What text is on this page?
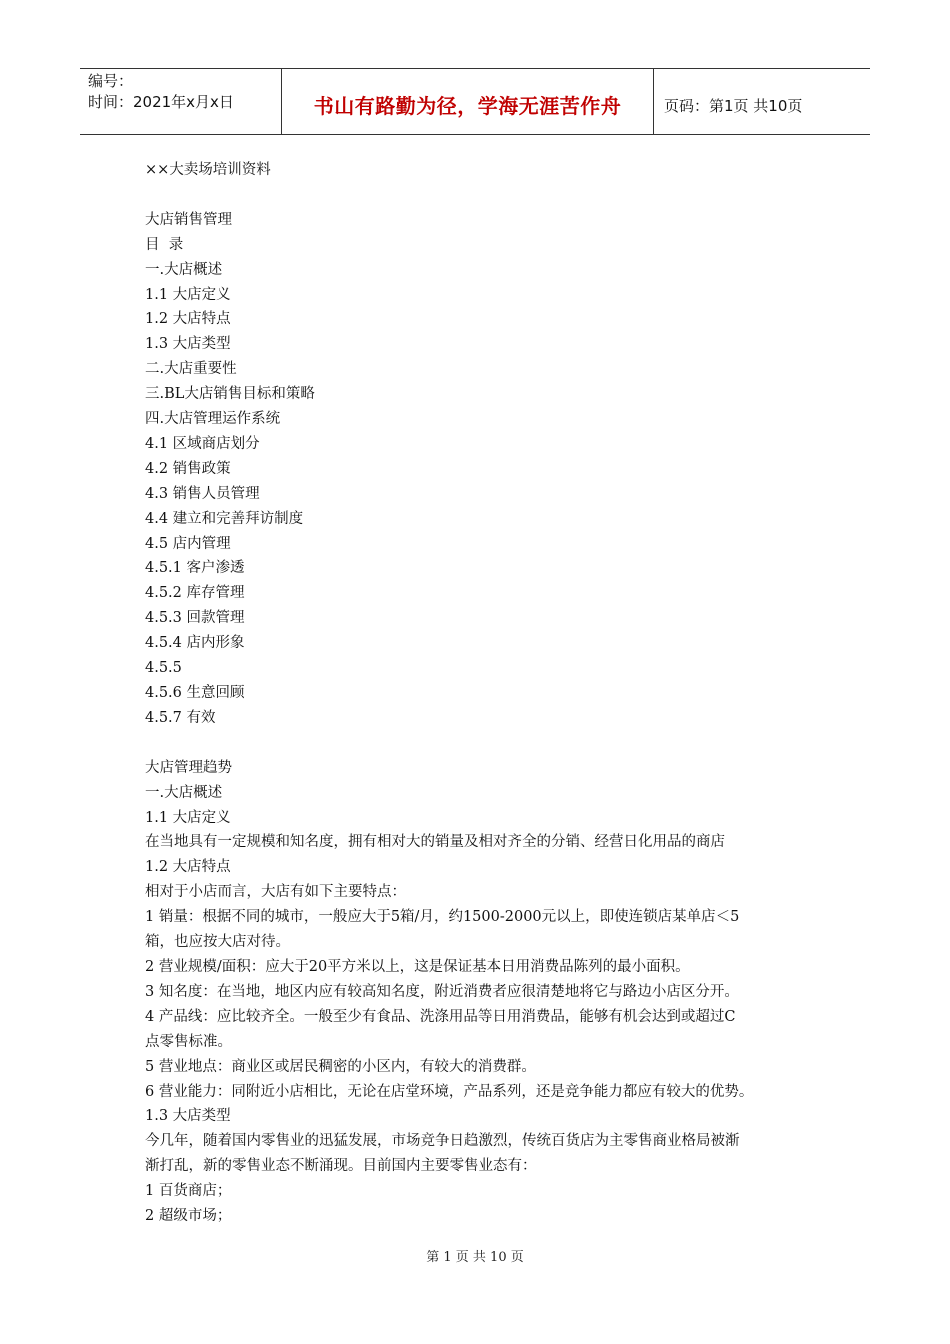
编号：
时间：2021年x月x日	书山有路勤为径，学海无涯苦作舟	页码：第1页 共10页

××大卖场培训资料

大店销售管理

目  录

一.大店概述

1.1 大店定义

1.2 大店特点

1.3 大店类型

二.大店重要性

三.BL大店销售目标和策略

四.大店管理运作系统

4.1 区域商店划分

4.2 销售政策

4.3 销售人员管理

4.4 建立和完善拜访制度

4.5 店内管理

4.5.1 客户渗透

4.5.2 库存管理

4.5.3 回款管理

4.5.4 店内形象

4.5.5

4.5.6 生意回顾

4.5.7 有效

大店管理趋势

一.大店概述

1.1 大店定义

在当地具有一定规模和知名度，拥有相对大的销量及相对齐全的分销、经营日化用品的商店

1.2 大店特点

相对于小店而言，大店有如下主要特点：

1 销量：根据不同的城市，一般应大于5箱/月，约1500-2000元以上，即使连锁店某单店＜5

箱，也应按大店对待。

2 营业规模/面积：应大于20平方米以上，这是保证基本日用消费品陈列的最小面积。

3 知名度：在当地，地区内应有较高知名度，附近消费者应很清楚地将它与路边小店区分开。

4 产品线：应比较齐全。一般至少有食品、洗涤用品等日用消费品，能够有机会达到或超过C

点零售标准。

5 营业地点：商业区或居民稠密的小区内，有较大的消费群。

6 营业能力：同附近小店相比，无论在店堂环境，产品系列，还是竞争能力都应有较大的优势。

1.3 大店类型

今几年，随着国内零售业的迅猛发展，市场竞争日趋激烈，传统百货店为主零售商业格局被渐

渐打乱，新的零售业态不断涌现。目前国内主要零售业态有：

1 百货商店；

2 超级市场；

第 1 页 共 10 页
